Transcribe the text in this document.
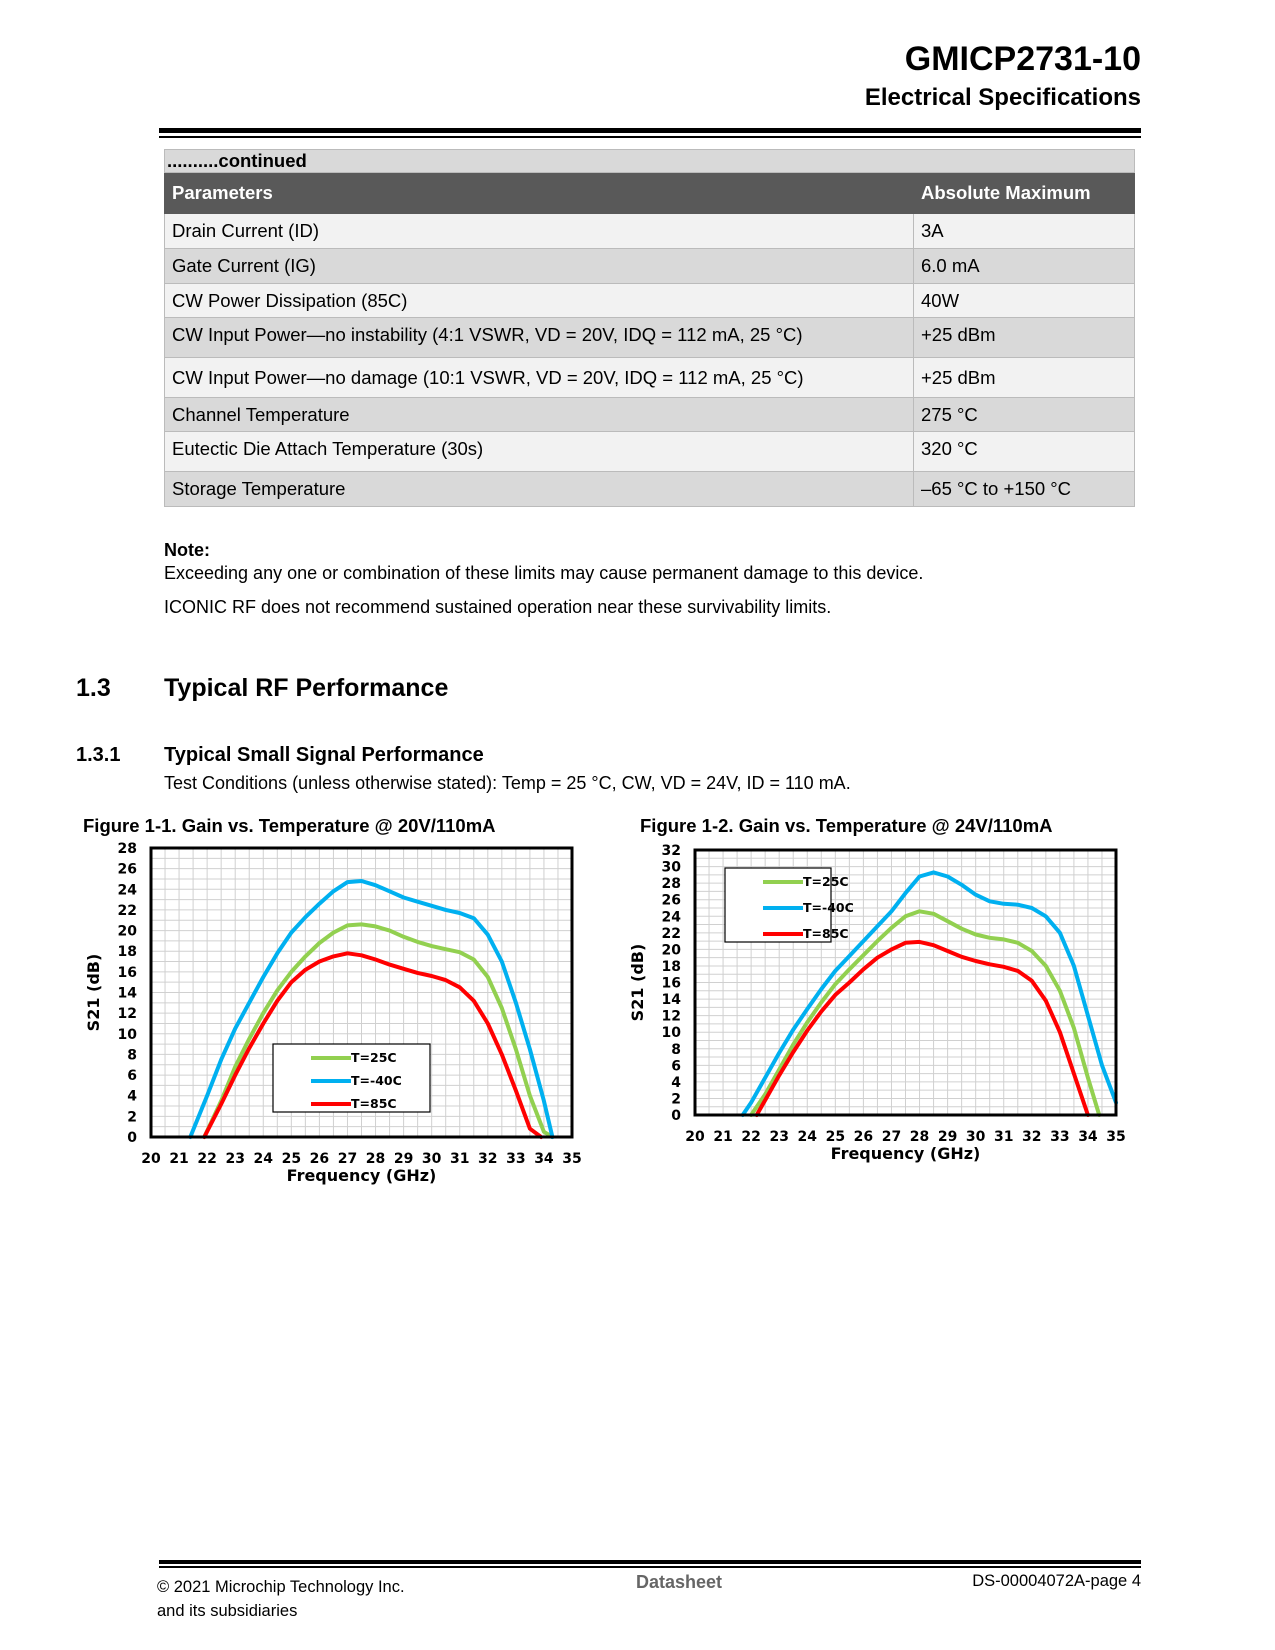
GMICP2731-10
Electrical Specifications
..........continued	
Parameters	Absolute Maximum
Drain Current (ID)	3A
Gate Current (IG)	6.0 mA
CW Power Dissipation (85C)	40W
CW Input Power—no instability (4:1 VSWR, VD = 20V, IDQ = 112 mA, 25 °C)	+25 dBm
CW Input Power—no damage (10:1 VSWR, VD = 20V, IDQ = 112 mA, 25 °C)	+25 dBm
Channel Temperature	275 °C
Eutectic Die Attach Temperature (30s)	320 °C
Storage Temperature	–65 °C to +150 °C
Note:
Exceeding any one or combination of these limits may cause permanent damage to this device.
ICONIC RF does not recommend sustained operation near these survivability limits.
1.3 Typical RF Performance
1.3.1 Typical Small Signal Performance
Test Conditions (unless otherwise stated): Temp = 25 °C, CW, VD = 24V, ID = 110 mA.
Figure 1-1. Gain vs. Temperature @ 20V/110mA	Figure 1-2. Gain vs. Temperature @ 24V/110mA
20 21 22 23 24 25 26 27 28 29 30 31 32 33 34 35
0
2
4
6
8
10
12
14
16
18
20
22
24
26
28
Frequency (GHz)
S21 (dB)
T=25C
T=-40C
T=85C
20 21 22 23 24 25 26 27 28 29 30 31 32 33 34 35
0
2
4
6
8
10
12
14
16
18
20
22
24
26
28
30
32
Frequency (GHz)
S21 (dB)
T=25C
T=-40C
T=85C
© 2021 Microchip Technology Inc.
and its subsidiaries
Datasheet	DS-00004072A-page 4
